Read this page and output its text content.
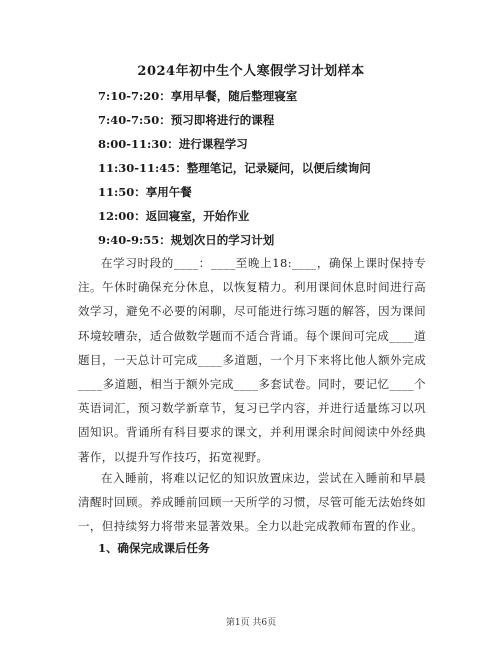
2024年初中生个人寒假学习计划样本
7:10-7:20：享用早餐，随后整理寝室
7:40-7:50：预习即将进行的课程
8:00-11:30：进行课程学习
11:30-11:45：整理笔记，记录疑问，以便后续询问
11:50：享用午餐
12:00：返回寝室，开始作业
9:40-9:55：规划次日的学习计划
在学习时段的____：____至晚上18:____，确保上课时保持专注。午休时确保充分休息，以恢复精力。利用课间休息时间进行高效学习，避免不必要的闲聊，尽可能进行练习题的解答，因为课间环境较嘈杂，适合做数学题而不适合背诵。每个课间可完成____道题目，一天总计可完成____多道题，一个月下来将比他人额外完成____多道题，相当于额外完成____多套试卷。同时，要记忆____个英语词汇，预习数学新章节，复习已学内容，并进行适量练习以巩固知识。背诵所有科目要求的课文，并利用课余时间阅读中外经典著作，以提升写作技巧，拓宽视野。
在入睡前，将难以记忆的知识放置床边，尝试在入睡前和早晨清醒时回顾。养成睡前回顾一天所学的习惯，尽管可能无法始终如一，但持续努力将带来显著效果。全力以赴完成教师布置的作业。
1、确保完成课后任务
第1页 共6页
